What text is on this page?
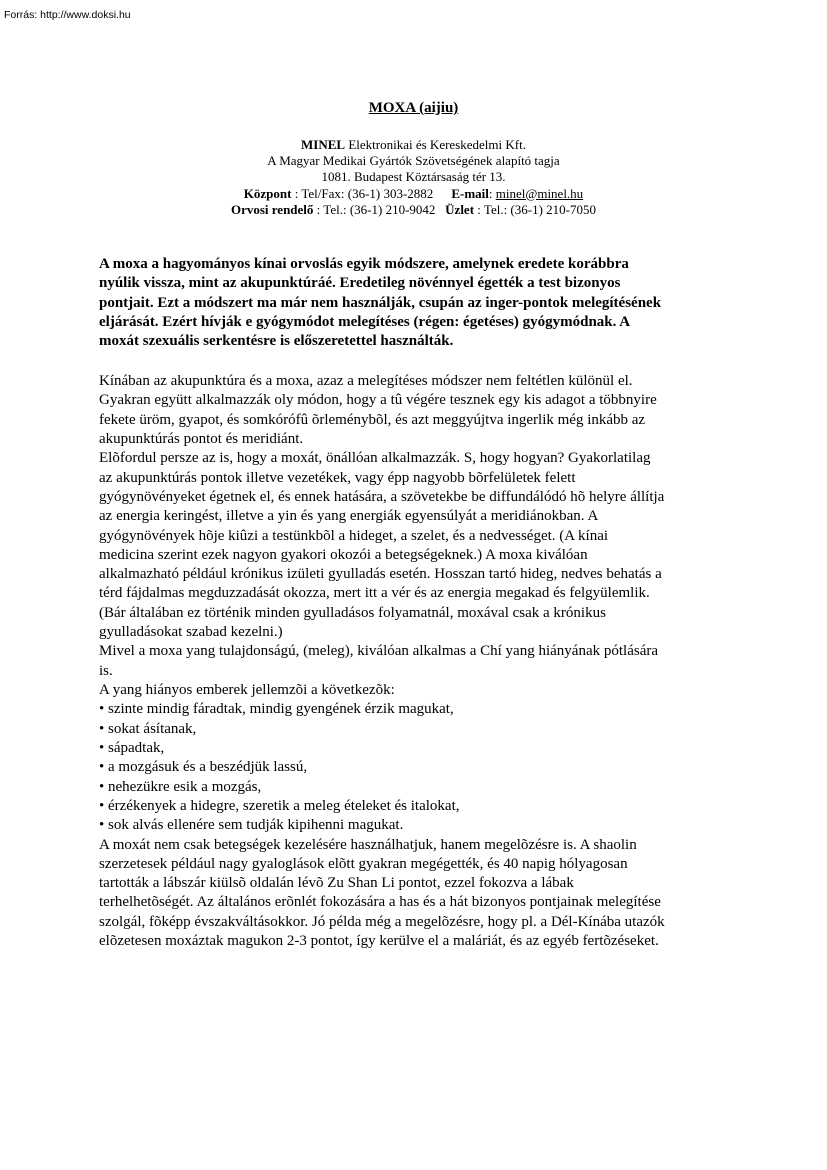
Forrás: http://www.doksi.hu
MOXA (aijiu)
MINEL Elektronikai és Kereskedelmi Kft.
A Magyar Medikai Gyártók Szövetségének alapító tagja
1081. Budapest Köztársaság tér 13.
Központ : Tel/Fax: (36-1) 303-2882 E-mail: minel@minel.hu
Orvosi rendelő : Tel.: (36-1) 210-9042 Üzlet : Tel.: (36-1) 210-7050
A moxa a hagyományos kínai orvoslás egyik módszere, amelynek eredete korábbra
nyúlik vissza, mint az akupunktúráé. Eredetileg növénnyel égették a test bizonyos
pontjait. Ezt a módszert ma már nem használják, csupán az inger-pontok melegítésének
eljárását. Ezért hívják e gyógymódot melegítéses (régen: égetéses) gyógymódnak. A
moxát szexuális serkentésre is előszeretettel használták.
Kínában az akupunktúra és a moxa, azaz a melegítéses módszer nem feltétlen különül el.
Gyakran együtt alkalmazzák oly módon, hogy a tû végére tesznek egy kis adagot a többnyire
fekete üröm, gyapot, és somkórófû õrleménybõl, és azt meggyújtva ingerlik még inkább az
akupunktúrás pontot és meridiánt.
Elõfordul persze az is, hogy a moxát, önállóan alkalmazzák. S, hogy hogyan? Gyakorlatilag
az akupunktúrás pontok illetve vezetékek, vagy épp nagyobb bõrfelületek felett
gyógynövényeket égetnek el, és ennek hatására, a szövetekbe be diffundálódó hõ helyre állítja
az energia keringést, illetve a yin és yang energiák egyensúlyát a meridiánokban. A
gyógynövények hõje kiûzi a testünkbõl a hideget, a szelet, és a nedvességet. (A kínai
medicina szerint ezek nagyon gyakori okozói a betegségeknek.) A moxa kiválóan
alkalmazható például krónikus izületi gyulladás esetén. Hosszan tartó hideg, nedves behatás a
térd fájdalmas megduzzadását okozza, mert itt a vér és az energia megakad és felgyülemlik.
(Bár általában ez történik minden gyulladásos folyamatnál, moxával csak a krónikus
gyulladásokat szabad kezelni.)
Mivel a moxa yang tulajdonságú, (meleg), kiválóan alkalmas a Chí yang hiányának pótlására
is.
A yang hiányos emberek jellemzõi a következõk:
• szinte mindig fáradtak, mindig gyengének érzik magukat,
• sokat ásítanak,
• sápadtak,
• a mozgásuk és a beszédjük lassú,
• nehezükre esik a mozgás,
• érzékenyek a hidegre, szeretik a meleg ételeket és italokat,
• sok alvás ellenére sem tudják kipihenni magukat.
A moxát nem csak betegségek kezelésére használhatjuk, hanem megelõzésre is. A shaolin
szerzetesek például nagy gyaloglások elõtt gyakran megégették, és 40 napig hólyagosan
tartották a lábszár kiülsõ oldalán lévõ Zu Shan Li pontot, ezzel fokozva a lábak
terhelhetõségét. Az általános erõnlét fokozására a has és a hát bizonyos pontjainak melegítése
szolgál, fõképp évszakváltásokkor. Jó példa még a megelõzésre, hogy pl. a Dél-Kínába utazók
elõzetesen moxáztak magukon 2-3 pontot, így kerülve el a maláriát, és az egyéb fertõzéseket.
